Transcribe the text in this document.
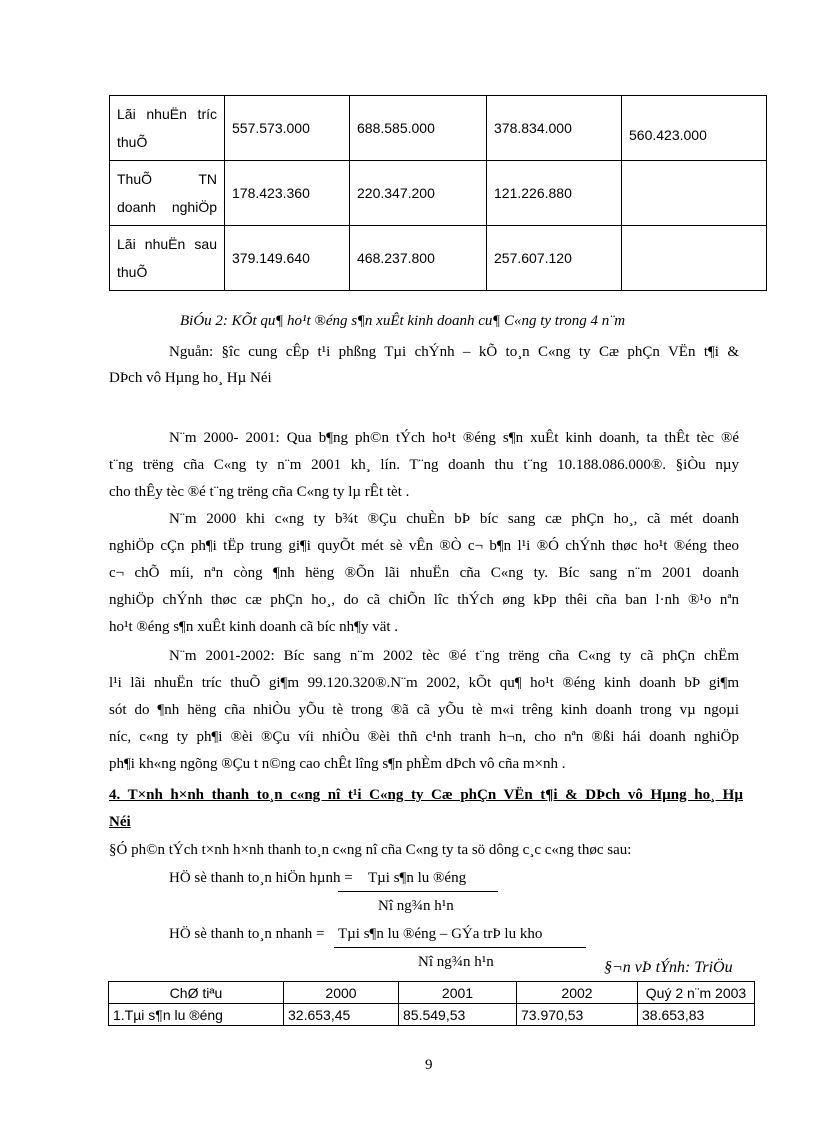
Lãi nhuËn tríc thuÕ	557.573.000	688.585.000	378.834.000	560.423.000
ThuÕ TN doanh nghiÖp	178.423.360	220.347.200	121.226.880	
Lãi nhuËn sau thuÕ	379.149.640	468.237.800	257.607.120	
BiÓu 2: KÕt qu¶ ho¹t ®éng s¶n xuÊt kinh doanh cu¶ C«ng ty trong 4 n¨m
Nguån: §îc cung cÊp t¹i phßng Tµi chÝnh – kÕ to¸n C«ng ty Cæ phÇn VËn t¶i &
DÞch vô Hµng ho¸ Hµ Néi
N¨m 2000- 2001: Qua b¶ng ph©n tÝch ho¹t ®éng s¶n xuÊt kinh doanh, ta thÊt tèc ®é
t¨ng trëng cña C«ng ty n¨m 2001 kh¸ lín. T¨ng doanh thu t¨ng 10.188.086.000®. §iÒu nµy
cho thÊy tèc ®é t¨ng trëng cña C«ng ty lµ rÊt tèt .
N¨m 2000 khi c«ng ty b¾t ®Çu chuÈn bÞ bíc sang cæ phÇn ho¸, cã mét doanh
nghiÖp cÇn ph¶i tËp trung gi¶i quyÕt mét sè vÊn ®Ò c¬ b¶n l¹i ®Ó chÝnh thøc ho¹t ®éng theo
c¬ chÕ míi, nªn còng ¶nh hëng ®Õn lãi nhuËn cña C«ng ty. Bíc sang n¨m 2001 doanh
nghiÖp chÝnh thøc cæ phÇn ho¸, do cã chiÕn lîc thÝch øng kÞp thêi cña ban l·nh ®¹o nªn
ho¹t ®éng s¶n xuÊt kinh doanh cã bíc nh¶y vät .
N¨m 2001-2002: Bíc sang n¨m 2002 tèc ®é t¨ng trëng cña C«ng ty cã phÇn chËm
l¹i lãi nhuËn tríc thuÕ gi¶m 99.120.320®.N¨m 2002, kÕt qu¶ ho¹t ®éng kinh doanh bÞ gi¶m
sót do ¶nh hëng cña nhiÒu yÕu tè trong ®ã cã yÕu tè m«i trêng kinh doanh trong vµ ngoµi
níc, c«ng ty ph¶i ®èi ®Çu víi nhiÒu ®èi thñ c¹nh tranh h¬n, cho nªn ®ßi hái doanh nghiÖp
ph¶i kh«ng ngõng ®Çu t n©ng cao chÊt lîng s¶n phÈm dÞch vô cña m×nh .
4. T×nh h×nh thanh to¸n c«ng nî t¹i C«ng ty Cæ phÇn VËn t¶i & DÞch vô Hµng ho¸ Hµ
Néi
§Ó ph©n tÝch t×nh h×nh thanh to¸n c«ng nî cña C«ng ty ta sö dông c¸c c«ng thøc sau:
HÖ sè thanh to¸n hiÖn hµnh = Tµi s¶n lu ®éng
Nî ng¾n h¹n
HÖ sè thanh to¸n nhanh = Tµi s¶n lu ®éng – GÝa trÞ lu kho
Nî ng¾n h¹n	§¬n vÞ tÝnh: TriÖu
ChØ tiªu	2000	2001	2002	Quý 2 n¨m 2003
1.Tµi s¶n lu ®éng	32.653,45	85.549,53	73.970,53	38.653,83
9
